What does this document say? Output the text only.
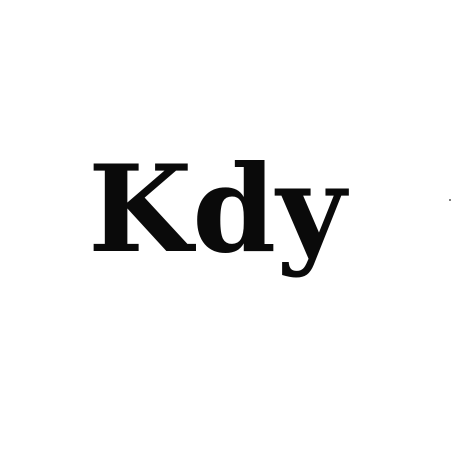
Kdy
